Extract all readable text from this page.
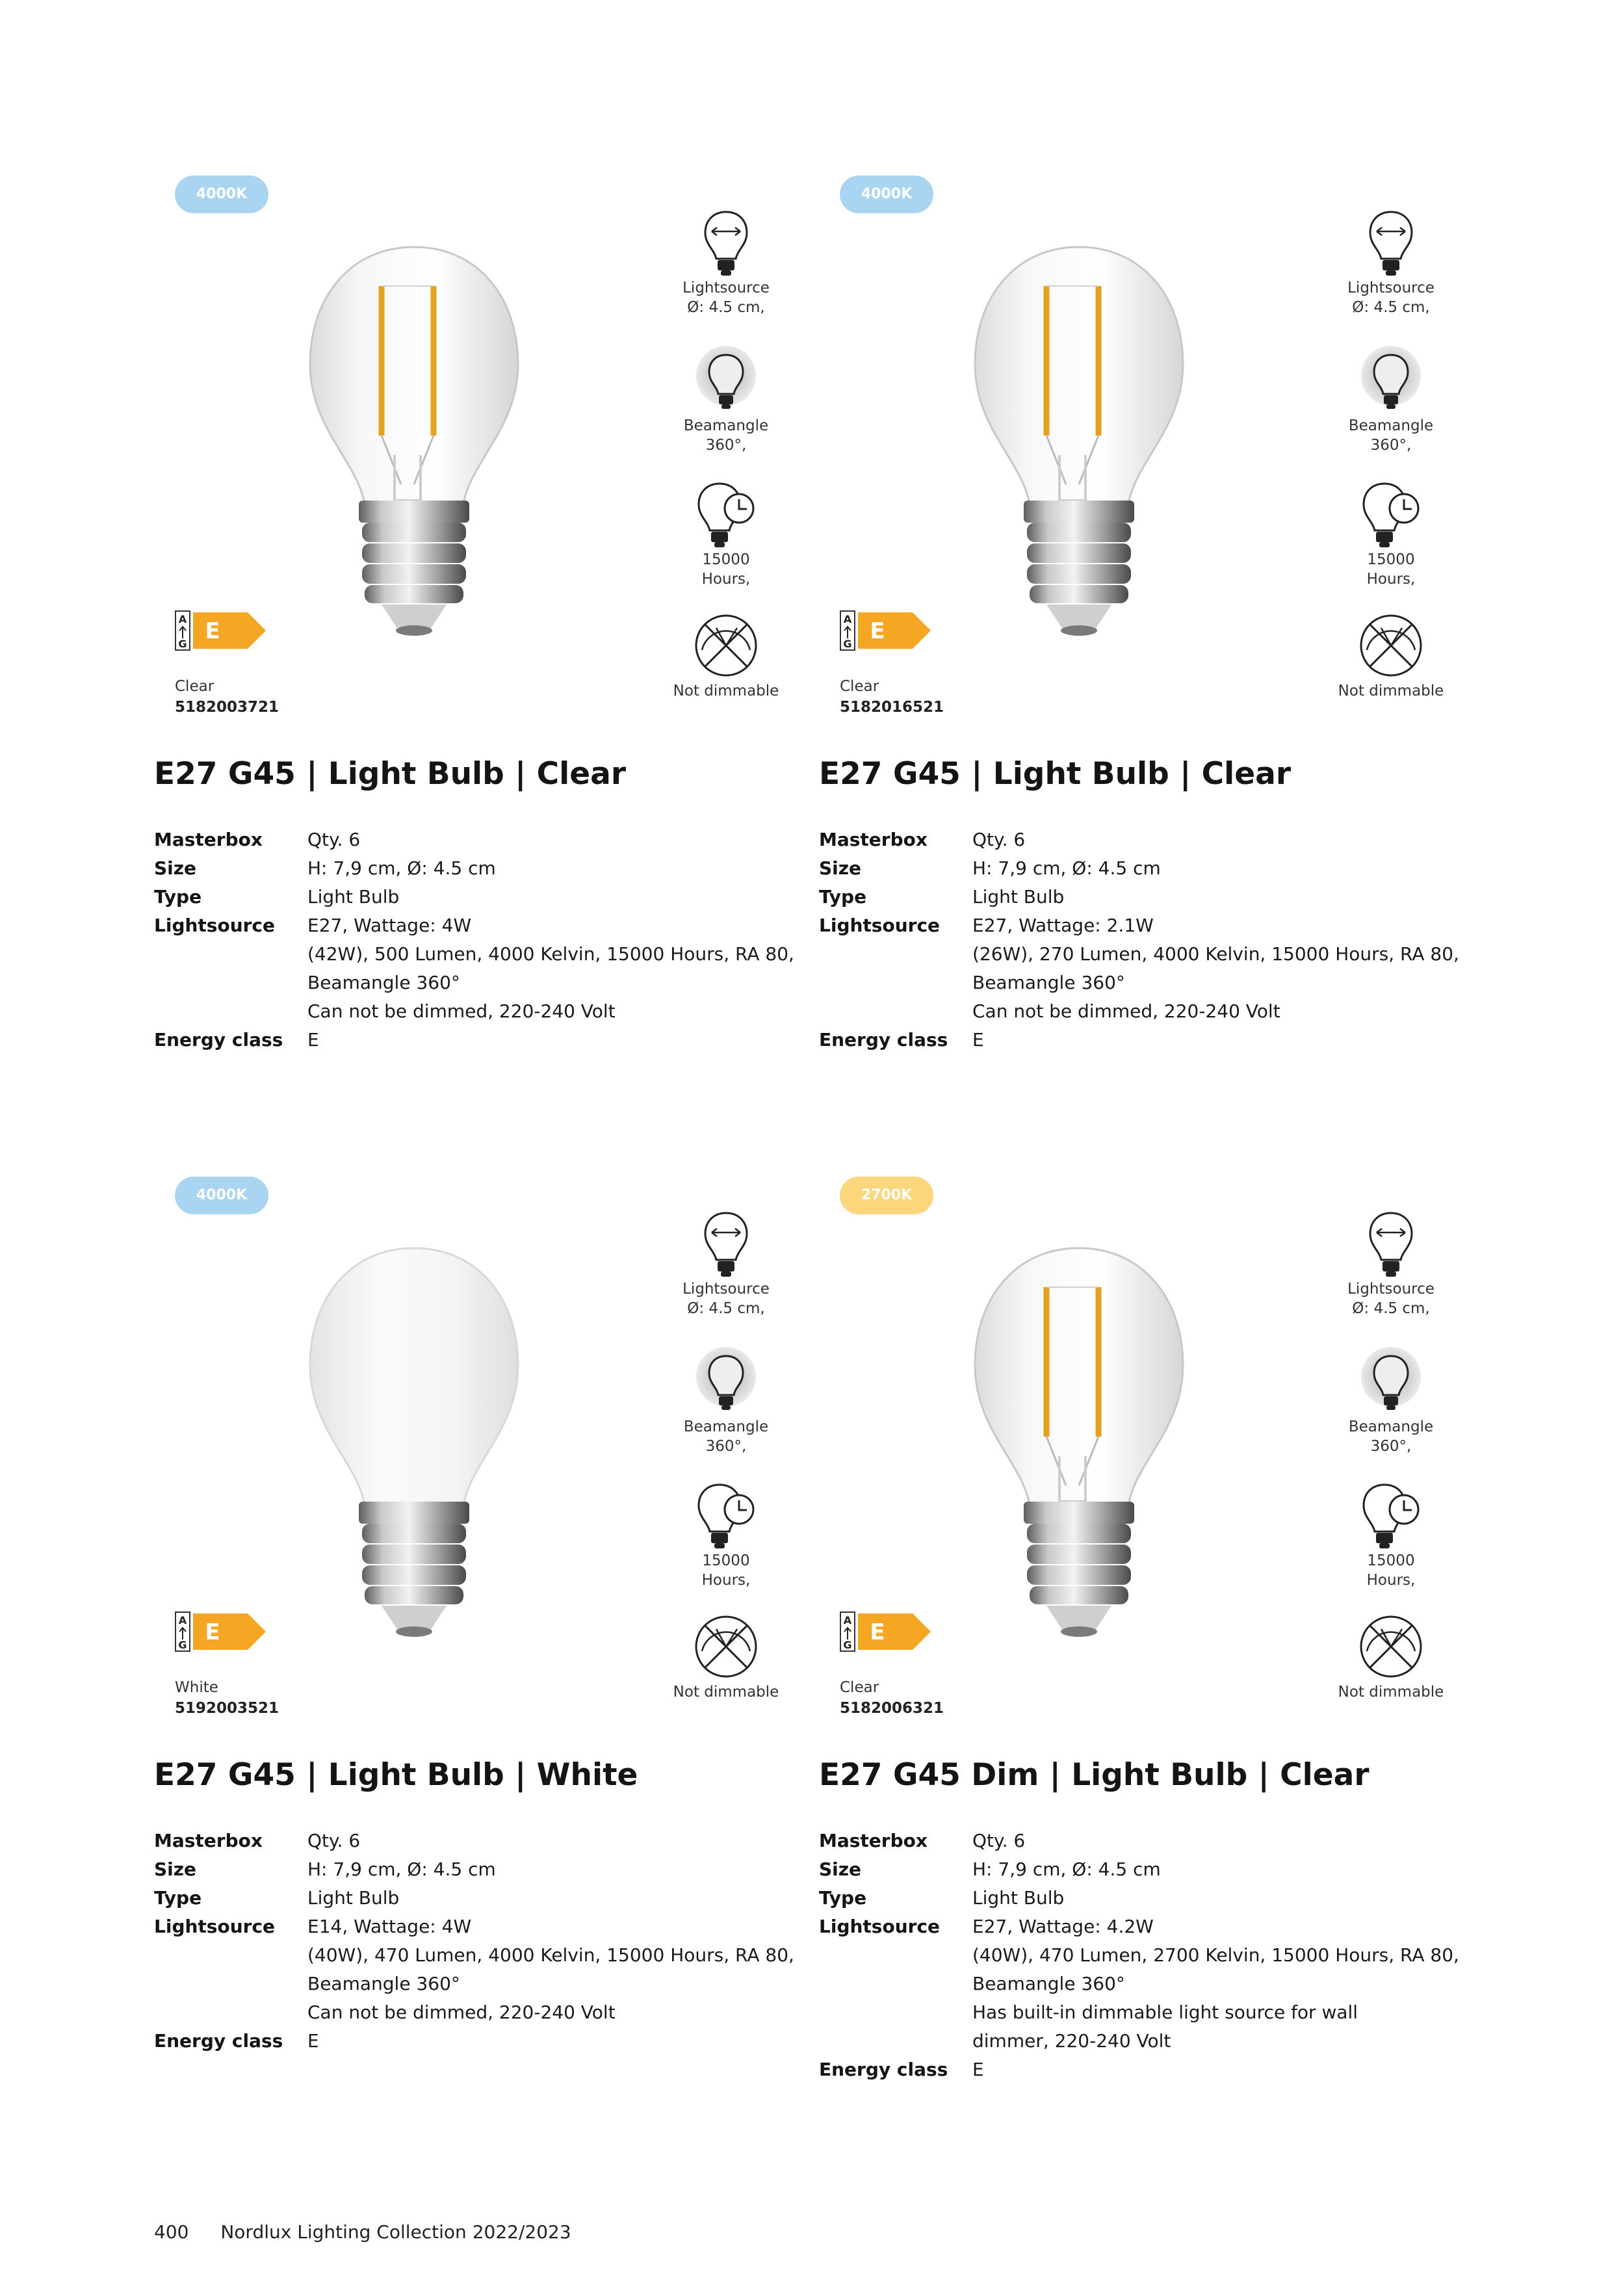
4000K
Lightsource
Ø: 4.5 cm,
Beamangle
360°,
15000
Hours,
Not dimmable
A
G E
Clear
5182003721
E27 G45 | Light Bulb | Clear
Masterbox	Qty. 6
Size	H: 7,9 cm, Ø: 4.5 cm
Type	Light Bulb
Lightsource	E27, Wattage: 4W
(42W), 500 Lumen, 4000 Kelvin, 15000 Hours, RA 80,
Beamangle 360°
Can not be dimmed, 220-240 Volt
Energy class	E
4000K
Lightsource
Ø: 4.5 cm,
Beamangle
360°,
15000
Hours,
Not dimmable
A
G E
Clear
5182016521
E27 G45 | Light Bulb | Clear
Masterbox	Qty. 6
Size	H: 7,9 cm, Ø: 4.5 cm
Type	Light Bulb
Lightsource	E27, Wattage: 2.1W
(26W), 270 Lumen, 4000 Kelvin, 15000 Hours, RA 80,
Beamangle 360°
Can not be dimmed, 220-240 Volt
Energy class	E
4000K
Lightsource
Ø: 4.5 cm,
Beamangle
360°,
15000
Hours,
Not dimmable
A
G E
White
5192003521
E27 G45 | Light Bulb | White
Masterbox	Qty. 6
Size	H: 7,9 cm, Ø: 4.5 cm
Type	Light Bulb
Lightsource	E14, Wattage: 4W
(40W), 470 Lumen, 4000 Kelvin, 15000 Hours, RA 80,
Beamangle 360°
Can not be dimmed, 220-240 Volt
Energy class	E
2700K
Lightsource
Ø: 4.5 cm,
Beamangle
360°,
15000
Hours,
Not dimmable
A
G E
Clear
5182006321
E27 G45 Dim | Light Bulb | Clear
Masterbox	Qty. 6
Size	H: 7,9 cm, Ø: 4.5 cm
Type	Light Bulb
Lightsource	E27, Wattage: 4.2W
(40W), 470 Lumen, 2700 Kelvin, 15000 Hours, RA 80,
Beamangle 360°
Has built-in dimmable light source for wall
dimmer, 220-240 Volt
Energy class	E
400 Nordlux Lighting Collection 2022/2023
